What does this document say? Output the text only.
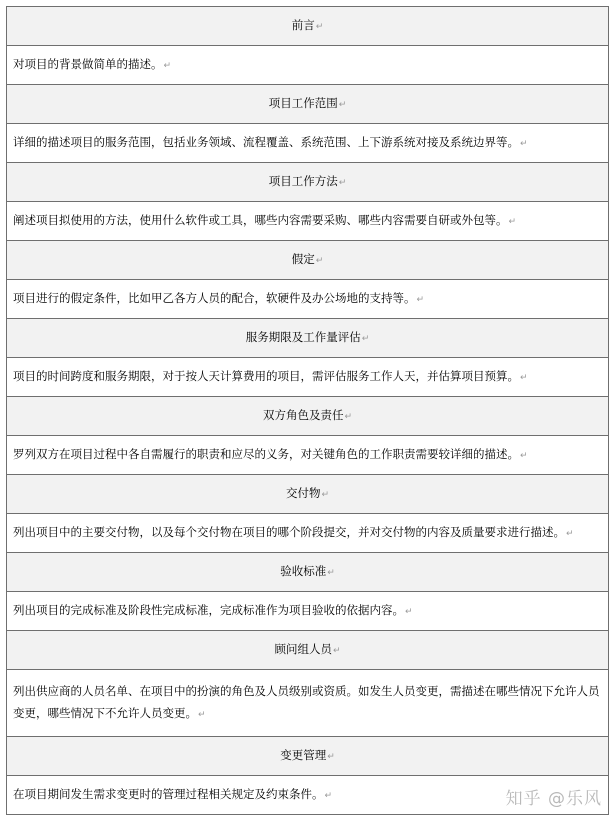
前言↵
对项目的背景做简单的描述。↵
项目工作范围↵
详细的描述项目的服务范围，包括业务领域、流程覆盖、系统范围、上下游系统对接及系统边界等。↵
项目工作方法↵
阐述项目拟使用的方法，使用什么软件或工具，哪些内容需要采购、哪些内容需要自研或外包等。↵
假定↵
项目进行的假定条件，比如甲乙各方人员的配合，软硬件及办公场地的支持等。↵
服务期限及工作量评估↵
项目的时间跨度和服务期限，对于按人天计算费用的项目，需评估服务工作人天，并估算项目预算。↵
双方角色及责任↵
罗列双方在项目过程中各自需履行的职责和应尽的义务，对关键角色的工作职责需要较详细的描述。↵
交付物↵
列出项目中的主要交付物，以及每个交付物在项目的哪个阶段提交，并对交付物的内容及质量要求进行描述。↵
验收标准↵
列出项目的完成标准及阶段性完成标准，完成标准作为项目验收的依据内容。↵
顾问组人员↵
列出供应商的人员名单、在项目中的扮演的角色及人员级别或资质。如发生人员变更，需描述在哪些情况下允许人员变更，哪些情况下不允许人员变更。↵
变更管理↵
在项目期间发生需求变更时的管理过程相关规定及约束条件。↵	知乎 @乐风
